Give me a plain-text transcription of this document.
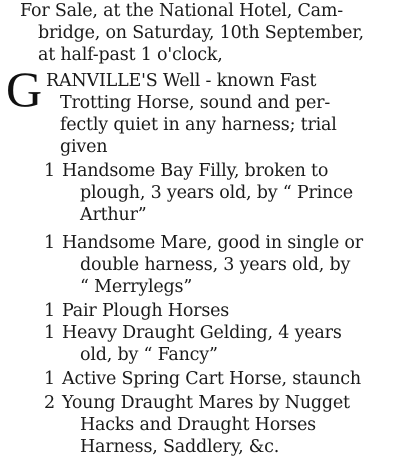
For Sale, at the National Hotel, Cam-
bridge, on Saturday, 10th September,
at half-past 1 o'clock,
G RANVILLE'S Well - known Fast
Trotting Horse, sound and per-
fectly quiet in any harness; trial
given
1 Handsome Bay Filly, broken to
plough, 3 years old, by “ Prince
Arthur”
1 Handsome Mare, good in single or
double harness, 3 years old, by
“ Merrylegs”
1 Pair Plough Horses
1 Heavy Draught Gelding, 4 years
old, by “ Fancy”
1 Active Spring Cart Horse, staunch
2 Young Draught Mares by Nugget
Hacks and Draught Horses
Harness, Saddlery, &c.
